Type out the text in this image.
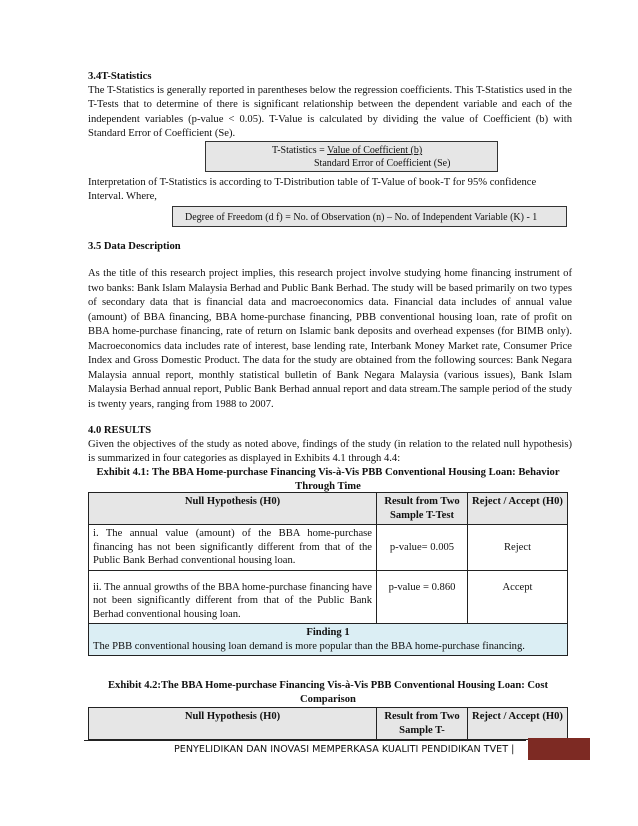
3.4T-Statistics
The T-Statistics is generally reported in parentheses below the regression coefficients. This T-Statistics used in the T-Tests that to determine of there is significant relationship between the dependent variable and each of the independent variables (p-value < 0.05). T-Value is calculated by dividing the value of Coefficient (b) with Standard Error of Coefficient (Se).
T-Statistics = Value of Coefficient (b)
Standard Error of Coefficient (Se)
Interpretation of T-Statistics is according to T-Distribution table of T-Value of book-T for 95% confidence Interval. Where,
Degree of Freedom (d f) = No. of Observation (n) – No. of Independent Variable (K) - 1
3.5 Data Description
As the title of this research project implies, this research project involve studying home financing instrument of two banks: Bank Islam Malaysia Berhad and Public Bank Berhad. The study will be based primarily on two types of secondary data that is financial data and macroeconomics data. Financial data includes of annual value (amount) of BBA financing, BBA home-purchase financing, PBB conventional housing loan, rate of profit on BBA home-purchase financing, rate of return on Islamic bank deposits and overhead expenses (for BIMB only). Macroeconomics data includes rate of interest, base lending rate, Interbank Money Market rate, Consumer Price Index and Gross Domestic Product. The data for the study are obtained from the following sources: Bank Negara Malaysia annual report, monthly statistical bulletin of Bank Negara Malaysia (various issues), Bank Islam Malaysia Berhad annual report, Public Bank Berhad annual report and data stream.The sample period of the study is twenty years, ranging from 1988 to 2007.
4.0 RESULTS
Given the objectives of the study as noted above, findings of the study (in relation to the related null hypothesis) is summarized in four categories as displayed in Exhibits 4.1 through 4.4:
Exhibit 4.1: The BBA Home-purchase Financing Vis-à-Vis PBB Conventional Housing Loan: Behavior Through Time
Null Hypothesis (H0)	Result from Two Sample T-Test	Reject / Accept (H0)
i. The annual value (amount) of the BBA home-purchase financing has not been significantly different from that of the Public Bank Berhad conventional housing loan.	p-value= 0.005	Reject
ii. The annual growths of the BBA home-purchase financing have not been significantly different from that of the Public Bank Berhad conventional housing loan.	p-value = 0.860	Accept

Finding 1
The PBB conventional housing loan demand is more popular than the BBA home-purchase financing.		
Exhibit 4.2:The BBA Home-purchase Financing Vis-à-Vis PBB Conventional Housing Loan: Cost Comparison
Null Hypothesis (H0)	Result from Two Sample T-	Reject / Accept (H0)
PENYELIDIKAN DAN INOVASI MEMPERKASA KUALITI PENDIDIKAN TVET |
